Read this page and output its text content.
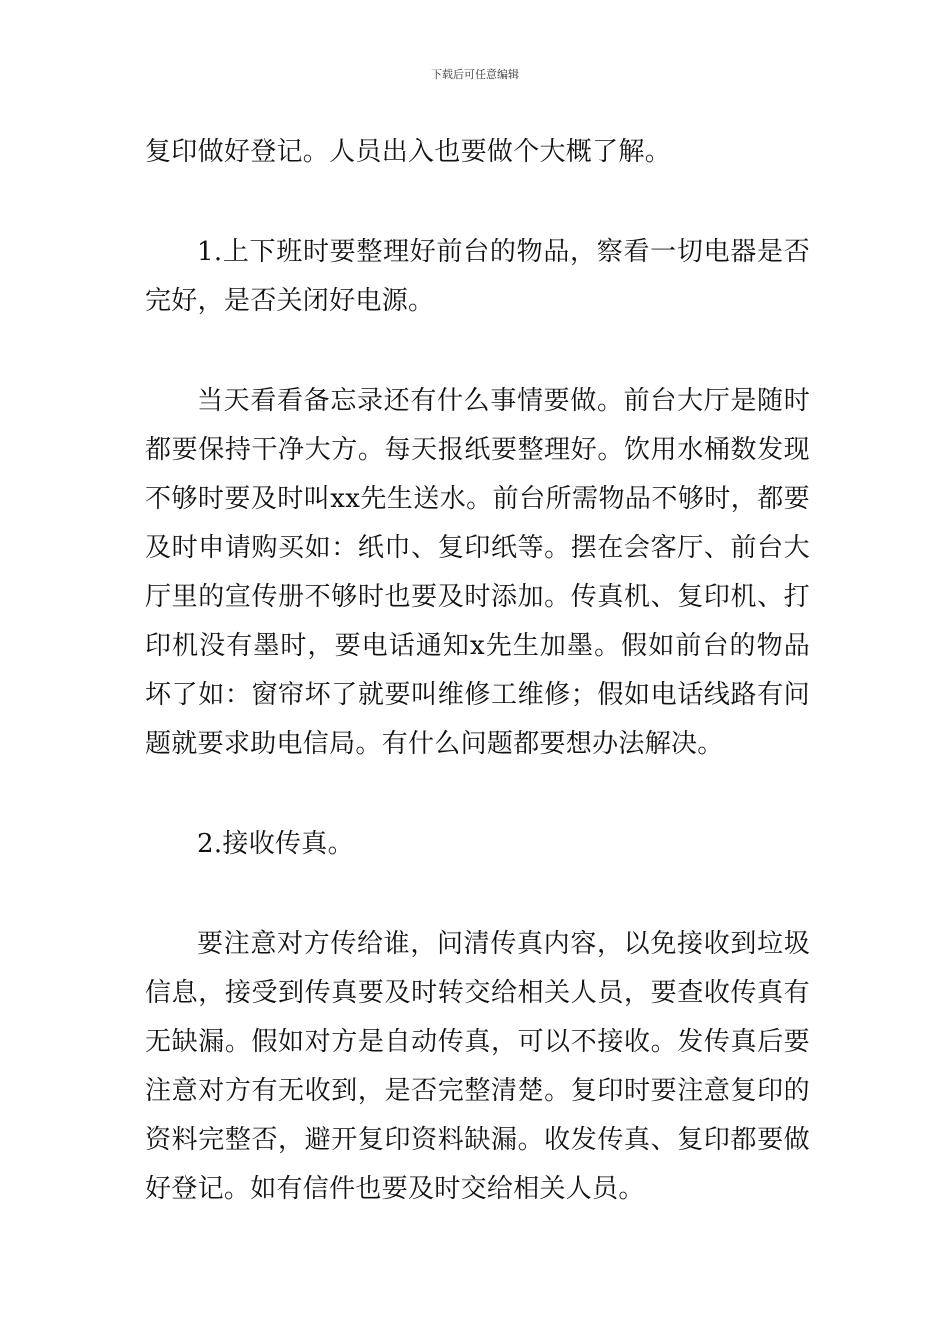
下载后可任意编辑

复印做好登记。人员出入也要做个大概了解。

1.上下班时要整理好前台的物品，察看一切电器是否完好，是否关闭好电源。

当天看看备忘录还有什么事情要做。前台大厅是随时都要保持干净大方。每天报纸要整理好。饮用水桶数发现不够时要及时叫xx先生送水。前台所需物品不够时，都要及时申请购买如：纸巾、复印纸等。摆在会客厅、前台大厅里的宣传册不够时也要及时添加。传真机、复印机、打印机没有墨时，要电话通知x先生加墨。假如前台的物品坏了如：窗帘坏了就要叫维修工维修；假如电话线路有问题就要求助电信局。有什么问题都要想办法解决。

2.接收传真。

要注意对方传给谁，问清传真内容，以免接收到垃圾信息，接受到传真要及时转交给相关人员，要查收传真有无缺漏。假如对方是自动传真，可以不接收。发传真后要注意对方有无收到，是否完整清楚。复印时要注意复印的资料完整否，避开复印资料缺漏。收发传真、复印都要做好登记。如有信件也要及时交给相关人员。
